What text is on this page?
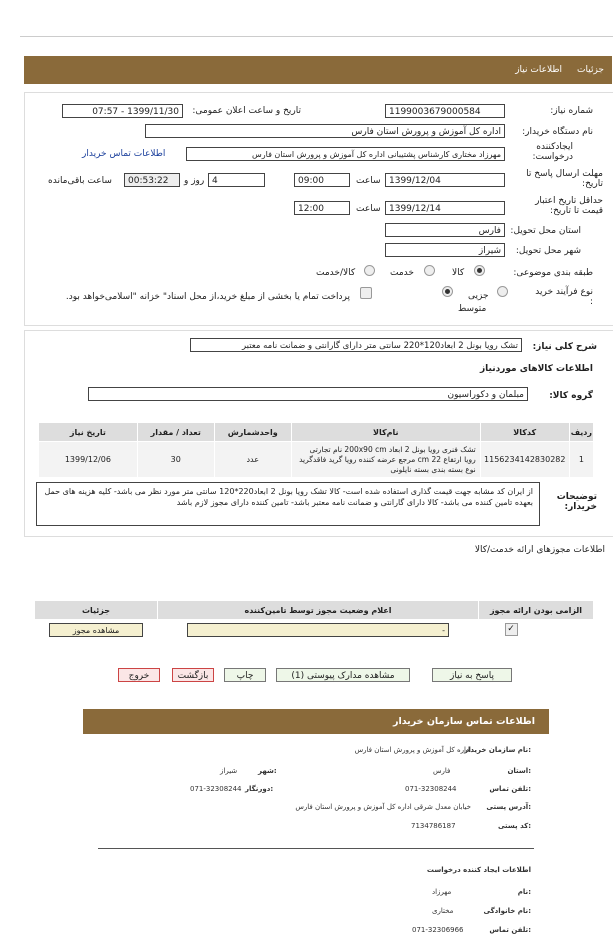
جزئیات
اطلاعات نیاز
شماره نیاز:
1199003679000584
تاریخ و ساعت اعلان عمومی:
1399/11/30 - 07:57
نام دستگاه خریدار:
اداره کل آموزش و پرورش استان فارس
ایجادکننده درخواست:
مهرزاد مختاری کارشناس پشتیبانی اداره کل آموزش و پرورش استان فارس
اطلاعات تماس خریدار
مهلت ارسال پاسخ تا تاریخ:
1399/12/04
ساعت
09:00
4
روز و
00:53:22
ساعت باقی‌مانده
حداقل تاریخ اعتبار قیمت تا تاریخ:
1399/12/14
ساعت
12:00
استان محل تحویل:
فارس
شهر محل تحویل:
شیراز
طبقه بندی موضوعی:
کالا
خدمت
کالا/خدمت
نوع فرآیند خرید :
جزیی
متوسط
پرداخت تمام یا بخشی از مبلغ خرید،از محل اسناد" خزانه "اسلامی‌خواهد بود.
شرح کلی نیاز:
تشک رویا بونل 2 ابعاد120*220 سانتی متر دارای گارانتی و ضمانت نامه معتبر
اطلاعات کالاهای موردنیاز
گروه کالا:
مبلمان و دکوراسیون
ردیف	کدکالا	نام‌کالا	واحدشمارش	تعداد / مقدار	تاریخ نیاز
1	1156234142830282	تشک فنری رویا بونل 2 ابعاد 200x90 cm نام تجارتی رویا ارتفاع 22 cm مرجع عرضه کننده رویا گرید فاقدگرید نوع بسته بندی بسته نایلونی	عدد	30	1399/12/06
توضیحات خریدار:
از ایران کد مشابه جهت قیمت گذاری استفاده شده است- کالا تشک رویا بونل 2 ابعاد220*120 سانتی متر مورد نظر می باشد- کلیه هزینه های حمل بعهده تامین کننده می باشد- کالا دارای گارانتی و ضمانت نامه معتبر باشد- تامین کننده دارای مجوز لازم باشد
اطلاعات مجوزهای ارائه خدمت/کالا
الزامی بودن ارائه مجوز	اعلام وضعیت مجوز توسط تامین‌کننده	جزئیات
✓	-	مشاهده مجوز
پاسخ به نیاز
مشاهده مدارک پیوستی (1)
چاپ
بازگشت
خروج
اطلاعات تماس سازمان خریدار
نام سازمان خریدار:
اداره کل آموزش و پرورش استان فارس
استان:
فارس
شهر:
شیراز
تلفن تماس:
071-32308244
دورنگار:
071-32308244
آدرس پستی:
خیابان معدل شرقی اداره کل آموزش و پرورش استان فارس
کد پستی:
7134786187
اطلاعات ایجاد کننده درخواست
نام:
مهرزاد
نام خانوادگی:
مختاری
تلفن تماس:
071-32306966
